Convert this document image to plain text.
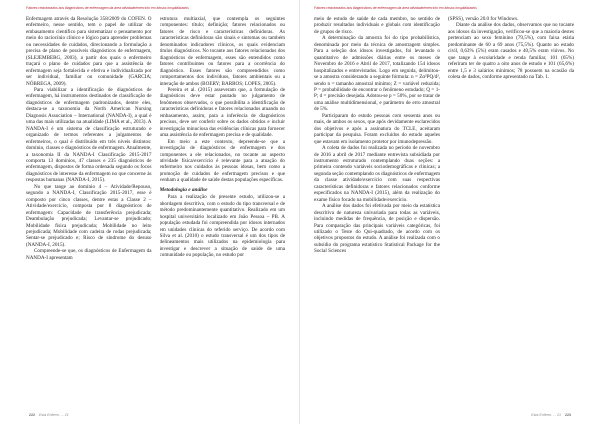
Fatores relacionados aos diagnósticos de enfermagem da área atividade/exercício em idosos hospitalizados

Enfermagem através da Resolução 358/2009 do COFEN. O enfermeiro, nesse sentido, tem o papel de utilizar do embasamento científico para sistematizar o pensamento por meio do raciocínio clínico e lógico para aprender problemas ou necessidades de cuidados, direcionando a formulação a precisa de plano de possíveis diagnósticos de enfermagem, (SLEJEMBERG, 2003), a partir dos quais o enfermeiro traçará o plano de cuidados para que a assistência de enfermagem seja fortalecida e efetiva e individualizada por ser individual, familiar ou comunidade (GARCIA; NÓBREGA, 2009).

Para viabilizar a identificação de diagnósticos de enfermagem, há instrumentos destinados de classificação de diagnósticos de enfermagem padronizados, dentre eles, destaca-se a taxonomia da North American Nursing Diagnosis Association – International (NANDA-I), a qual é uma das mais utilizadas na atualidade (LIMA et al., 2013). A NANDA-I é um sistema de classificação estruturado e organizado de termos referentes a julgamentos de enfermeiros, o qual é distribuído em três níveis distintos: domínio, classes e diagnósticos de enfermagem. Atualmente, a taxonomia II da NANDA-I Classificação 2015-2017 comporta 13 domínios, 47 classes e 235 diagnósticos de enfermagem, dispostos de forma ordenada segundo os focos diagnósticos de interesse da enfermagem no que concerne às respostas humanas (NANDA-I, 2015).

No que tange ao domínio 4 – Atividade/Repouso, segundo a NANDA-I, Classificação 2015-2017, esse é composto por cinco classes, dentre estas a Classe 2 – Atividade/exercício, composta por 8 diagnósticos de enfermagem: Capacidade de transferência prejudicada; Deambulação prejudicada; Levantar-se prejudicado; Mobilidade física prejudicada; Mobilidade no leito prejudicada; Mobilidade com cadeira de rodas prejudicada; Sentar-se prejudicado e; Risco de síndrome do desuso (NANDA-I, 2015).

Compreende-se que, os diagnósticos de Enfermagem da NANDA-I apresentam

estrutura multiaxial, que contempla os seguintes componentes: título; definição; fatores relacionados ou fatores de risco e características definidoras. As características definidoras são sinais e sintomas ou também denominados indicadores clínicos, os quais evidenciam títulos diagnósticos. No tocante aos fatores relacionados dos diagnósticos de enfermagem, esses são entendidos como fatores contribuintes ou fatores para a ocorrência do diagnóstico. Esses fatores são compreendidos como comportamentos dos indivíduos, fatores ambientais ou a interação de ambos (BOERY; BARROS; LOPES, 2005).

Pereira et al. (2015) asseveram que, a formulação de diagnósticos deve estar pautado no julgamento de fenômenos observados, o que possibilita a identificação de características definidoras e fatores relacionados atuando no embasamento, assim, para a inferência de diagnósticos precisos, deve ser conferir sobre os dados obtidos e incluir investigação minuciosa das evidências clínicas para fornecer uma assistência de enfermagem precisa e de qualidade.

Em meio a este contexto, depreende-se que a investigação de diagnósticos de enfermagem e dos componentes a ele relacionados, no tocante ao aspecto atividade física/exercício é relevante para a atuação do enfermeiro nos cuidados às pessoas idosas, bem como a promoção de cuidados de enfermagem precisos e que venham a qualidade de saúde destas populações específicas.

Metodologia e análise

Para a realização do presente estudo, utilizou-se a abordagem descritiva, com o estudo do tipo transversal e de método predominantemente quantitativo. Realizado em um hospital universitário localizado em João Pessoa – PB. A população estudada foi compreendida por idosos internados em unidades clínicas do referido serviço. De acordo com Silva et al. (2010) o estudo transversal é um dos tipos de delineamentos mais utilizados na epidemiologia para investigar e descrever a situação de saúde de uma comunidade ou população, no estudo por

222 Esta Enferm. ... 21
Fatores relacionados aos diagnósticos de enfermagem da área atividade/exercício em idosos hospitalizados

meio de estudo de saúde de cada membro, no sentido de produzir resultados individuais e globais com identificação de grupos de risco.

A determinação da amostra foi do tipo probabilística, denominada por meio da técnica de amostragem simples. Para a seleção dos idosos investigados, foi levantado o quantitativo de admissões diárias entre os meses de Novembro de 2016 e Abril de 2017, totalizando 154 idosos hospitalizados e entrevistados. Logo em seguida, delimitou-se a amostra considerando a seguinte fórmula: n = Zα²PQ/d², sendo n = tamanho amostral mínimo; Z = variável reduzida; P = probabilidade de encontrar o fenômeno estudado; Q = 1-P; d = precisão desejada. Adotou-se p = 50%, por se tratar de uma análise multidimensional, e parâmetro de erro amostral de 5%.

Participaram do estudo pessoas com sessenta anos ou mais, de ambos os sexos, que após devidamente esclarecidos dos objetivos e após a assinatura do TCLE, aceitaram participar da pesquisa. Foram excluídos do estudo aqueles que estavam em isolamento protetor por imunodepressão.

A coleta de dados foi realizada no período de novembro de 2016 a abril de 2017 mediante entrevista subsidiada por instrumento estruturado contemplando duas seções: a primeira contendo variáveis sociodemográficas e clínicas; a segunda seção contemplando os diagnósticos de enfermagem da classe atividade/exercício com suas respectivas características definidoras e fatores relacionados conforme especificados na NANDA-I (2015), além da realização do exame físico focado na mobilidade/exercício.

A análise dos dados foi efetivada por meio da estatística descritiva de natureza univariada para todas as variáveis, incluindo medidas de frequência, de posição e dispersão. Para comparação das principais variáveis categóricas, foi utilizado o Teste do Qui-quadrado, de acordo com os objetivos propostos do estudo. A análise foi realizada com o subsídio do programa estatístico Statistical Package for the Social Sciences

(SPSS), versão 20.0 for Windows.

Diante da análise dos dados, observamos que no tocante aos idosos da investigação, verificou-se que a maioria destes pertenciam ao sexo feminino (79,5%), com faixa etária predominante de 60 a 69 anos (75,5%). Quanto ao estado civil, 0,63% (5%) eram casados e 40,5% eram viúvos. No que tange à escolaridade e renda familiar, 101 (65%) referiram ter de quatro a oito anos de estudo e 101 (65,6%) entre 1,5 e 3 salários mínimos; 78 possuem na ocasião da coleta de dados, conforme apresentado na Tab. 1.

Esta Enferm. ... 21 223
